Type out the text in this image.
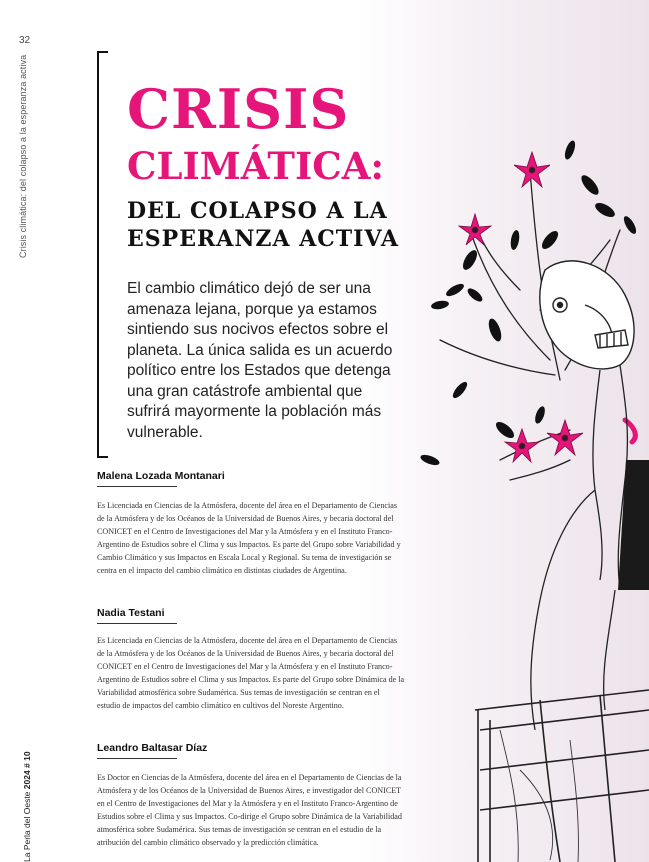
32
Crisis climática: del colapso a la esperanza activa
La Perla del Oeste 2024 # 10
CRISIS
CLIMÁTICA:
DEL COLAPSO A LA ESPERANZA ACTIVA
El cambio climático dejó de ser una amenaza lejana, porque ya estamos sintiendo sus nocivos efectos sobre el planeta. La única salida es un acuerdo político entre los Estados que detenga una gran catástrofe ambiental que sufrirá mayormente la población más vulnerable.
Malena Lozada Montanari
Es Licenciada en Ciencias de la Atmósfera, docente del área en el Departamento de Ciencias de la Atmósfera y de los Océanos de la Universidad de Buenos Aires, y becaria doctoral del CONICET en el Centro de Investigaciones del Mar y la Atmósfera y en el Instituto Franco-Argentino de Estudios sobre el Clima y sus Impactos. Es parte del Grupo sobre Variabilidad y Cambio Climático y sus Impactos en Escala Local y Regional. Su tema de investigación se centra en el impacto del cambio climático en distintas ciudades de Argentina.
Nadia Testani
Es Licenciada en Ciencias de la Atmósfera, docente del área en el Departamento de Ciencias de la Atmósfera y de los Océanos de la Universidad de Buenos Aires, y becaria doctoral del CONICET en el Centro de Investigaciones del Mar y la Atmósfera y en el Instituto Franco-Argentino de Estudios sobre el Clima y sus Impactos. Es parte del Grupo sobre Dinámica de la Variabilidad atmosférica sobre Sudamérica. Sus temas de investigación se centran en el estudio de impactos del cambio climático en cultivos del Noreste Argentino.
Leandro Baltasar Díaz
Es Doctor en Ciencias de la Atmósfera, docente del área en el Departamento de Ciencias de la Atmósfera y de los Océanos de la Universidad de Buenos Aires, e investigador del CONICET en el Centro de Investigaciones del Mar y la Atmósfera y en el Instituto Franco-Argentino de Estudios sobre el Clima y sus Impactos. Co-dirige el Grupo sobre Dinámica de la Variabilidad atmosférica sobre Sudamérica. Sus temas de investigación se centran en el estudio de la atribución del cambio climático observado y la predicción climática.
